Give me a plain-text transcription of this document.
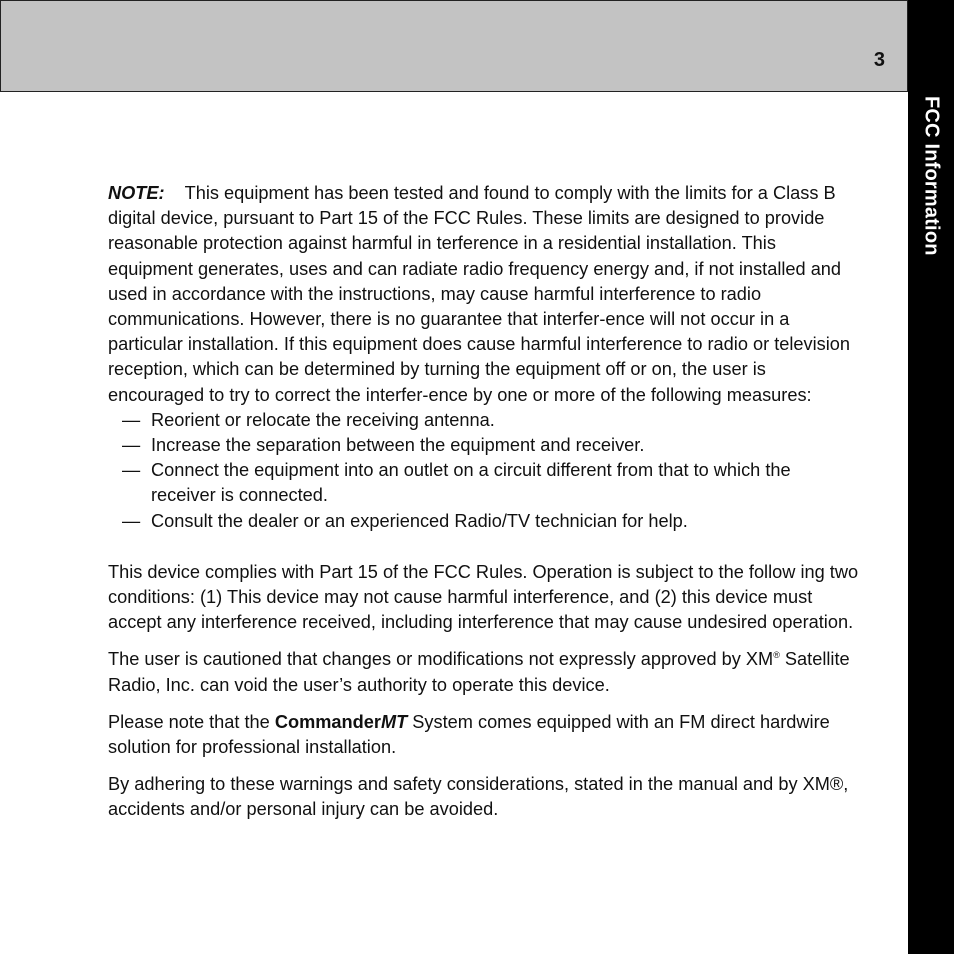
3
FCC Information

NOTE: This equipment has been tested and found to comply with the limits for a Class B digital device, pursuant to Part 15 of the FCC Rules. These limits are designed to provide reasonable protection against harmful in terference in a residential installation. This equipment generates, uses and can radiate radio frequency energy and, if not installed and used in accordance with the instructions, may cause harmful interference to radio communications. However, there is no guarantee that interfer-ence will not occur in a particular installation. If this equipment does cause harmful interference to radio or television reception, which can be determined by turning the equipment off or on, the user is encouraged to try to correct the interfer-ence by one or more of the following measures:

— Reorient or relocate the receiving antenna.
— Increase the separation between the equipment and receiver.
— Connect the equipment into an outlet on a circuit different from that to which the receiver is connected.
— Consult the dealer or an experienced Radio/TV technician for help.

This device complies with Part 15 of the FCC Rules. Operation is subject to the follow ing two conditions: (1) This device may not cause harmful interference, and (2) this device must accept any interference received, including interference that may cause undesired operation.

The user is cautioned that changes or modifications not expressly approved by XM® Satellite Radio, Inc. can void the user’s authority to operate this device.

Please note that the CommanderMT System comes equipped with an FM direct hardwire solution for professional installation.

By adhering to these warnings and safety considerations, stated in the manual and by XM®, accidents and/or personal injury can be avoided.
